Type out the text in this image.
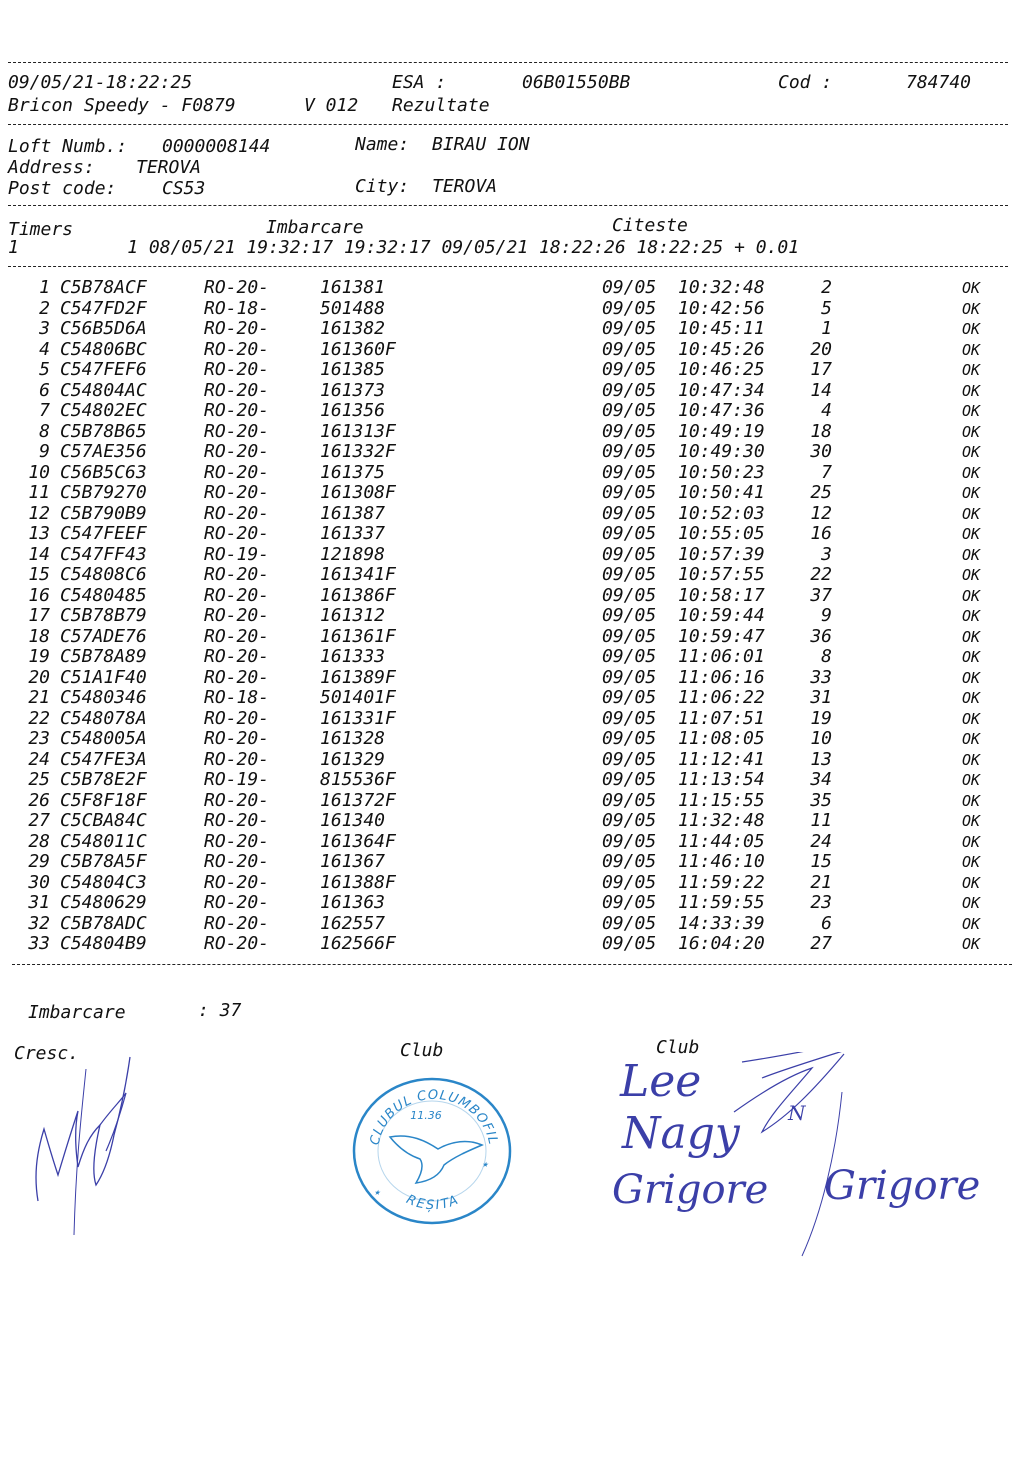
09/05/21-18:22:25	ESA :	06B01550BB	Cod :	784740
Bricon Speedy - F0879	V 012 Rezultate
Loft Numb.: 0000008144	Name: BIRAU ION
Address: TEROVA
Post code:	CS53	City: TEROVA
Timers	Imbarcare	Citeste
1          1 08/05/21 19:32:17 19:32:17 09/05/21 18:22:26 18:22:25 + 0.01
1 C5B78ACF	RO-20-	161381	09/05 10:32:48	2	OK
2 C547FD2F	RO-18-	501488	09/05 10:42:56	5	OK
3 C56B5D6A	RO-20-	161382	09/05 10:45:11	1	OK
4 C54806BC	RO-20-	161360F	09/05 10:45:26	20	OK
5 C547FEF6	RO-20-	161385	09/05 10:46:25	17	OK
6 C54804AC	RO-20-	161373	09/05 10:47:34	14	OK
7 C54802EC	RO-20-	161356	09/05 10:47:36	4	OK
8 C5B78B65	RO-20-	161313F	09/05 10:49:19	18	OK
9 C57AE356	RO-20-	161332F	09/05 10:49:30	30	OK
10 C56B5C63	RO-20-	161375	09/05 10:50:23	7	OK
11 C5B79270	RO-20-	161308F	09/05 10:50:41	25	OK
12 C5B790B9	RO-20-	161387	09/05 10:52:03	12	OK
13 C547FEEF	RO-20-	161337	09/05 10:55:05	16	OK
14 C547FF43	RO-19-	121898	09/05 10:57:39	3	OK
15 C54808C6	RO-20-	161341F	09/05 10:57:55	22	OK
16 C5480485	RO-20-	161386F	09/05 10:58:17	37	OK
17 C5B78B79	RO-20-	161312	09/05 10:59:44	9	OK
18 C57ADE76	RO-20-	161361F	09/05 10:59:47	36	OK
19 C5B78A89	RO-20-	161333	09/05 11:06:01	8	OK
20 C51A1F40	RO-20-	161389F	09/05 11:06:16	33	OK
21 C5480346	RO-18-	501401F	09/05 11:06:22	31	OK
22 C548078A	RO-20-	161331F	09/05 11:07:51	19	OK
23 C548005A	RO-20-	161328	09/05 11:08:05	10	OK
24 C547FE3A	RO-20-	161329	09/05 11:12:41	13	OK
25 C5B78E2F	RO-19-	815536F	09/05 11:13:54	34	OK
26 C5F8F18F	RO-20-	161372F	09/05 11:15:55	35	OK
27 C5CBA84C	RO-20-	161340	09/05 11:32:48	11	OK
28 C548011C	RO-20-	161364F	09/05 11:44:05	24	OK
29 C5B78A5F	RO-20-	161367	09/05 11:46:10	15	OK
30 C54804C3	RO-20-	161388F	09/05 11:59:22	21	OK
31 C5480629	RO-20-	161363	09/05 11:59:55	23	OK
32 C5B78ADC	RO-20-	162557	09/05 14:33:39	6	OK
33 C54804B9	RO-20-	162566F	09/05 16:04:20	27	OK
Imbarcare	: 37
Cresc.	Club	Club
CLUBUL COLUMBOFIL
11.36
REȘITA
★
★
Lee
N
Nagy
Grigore Grigore
